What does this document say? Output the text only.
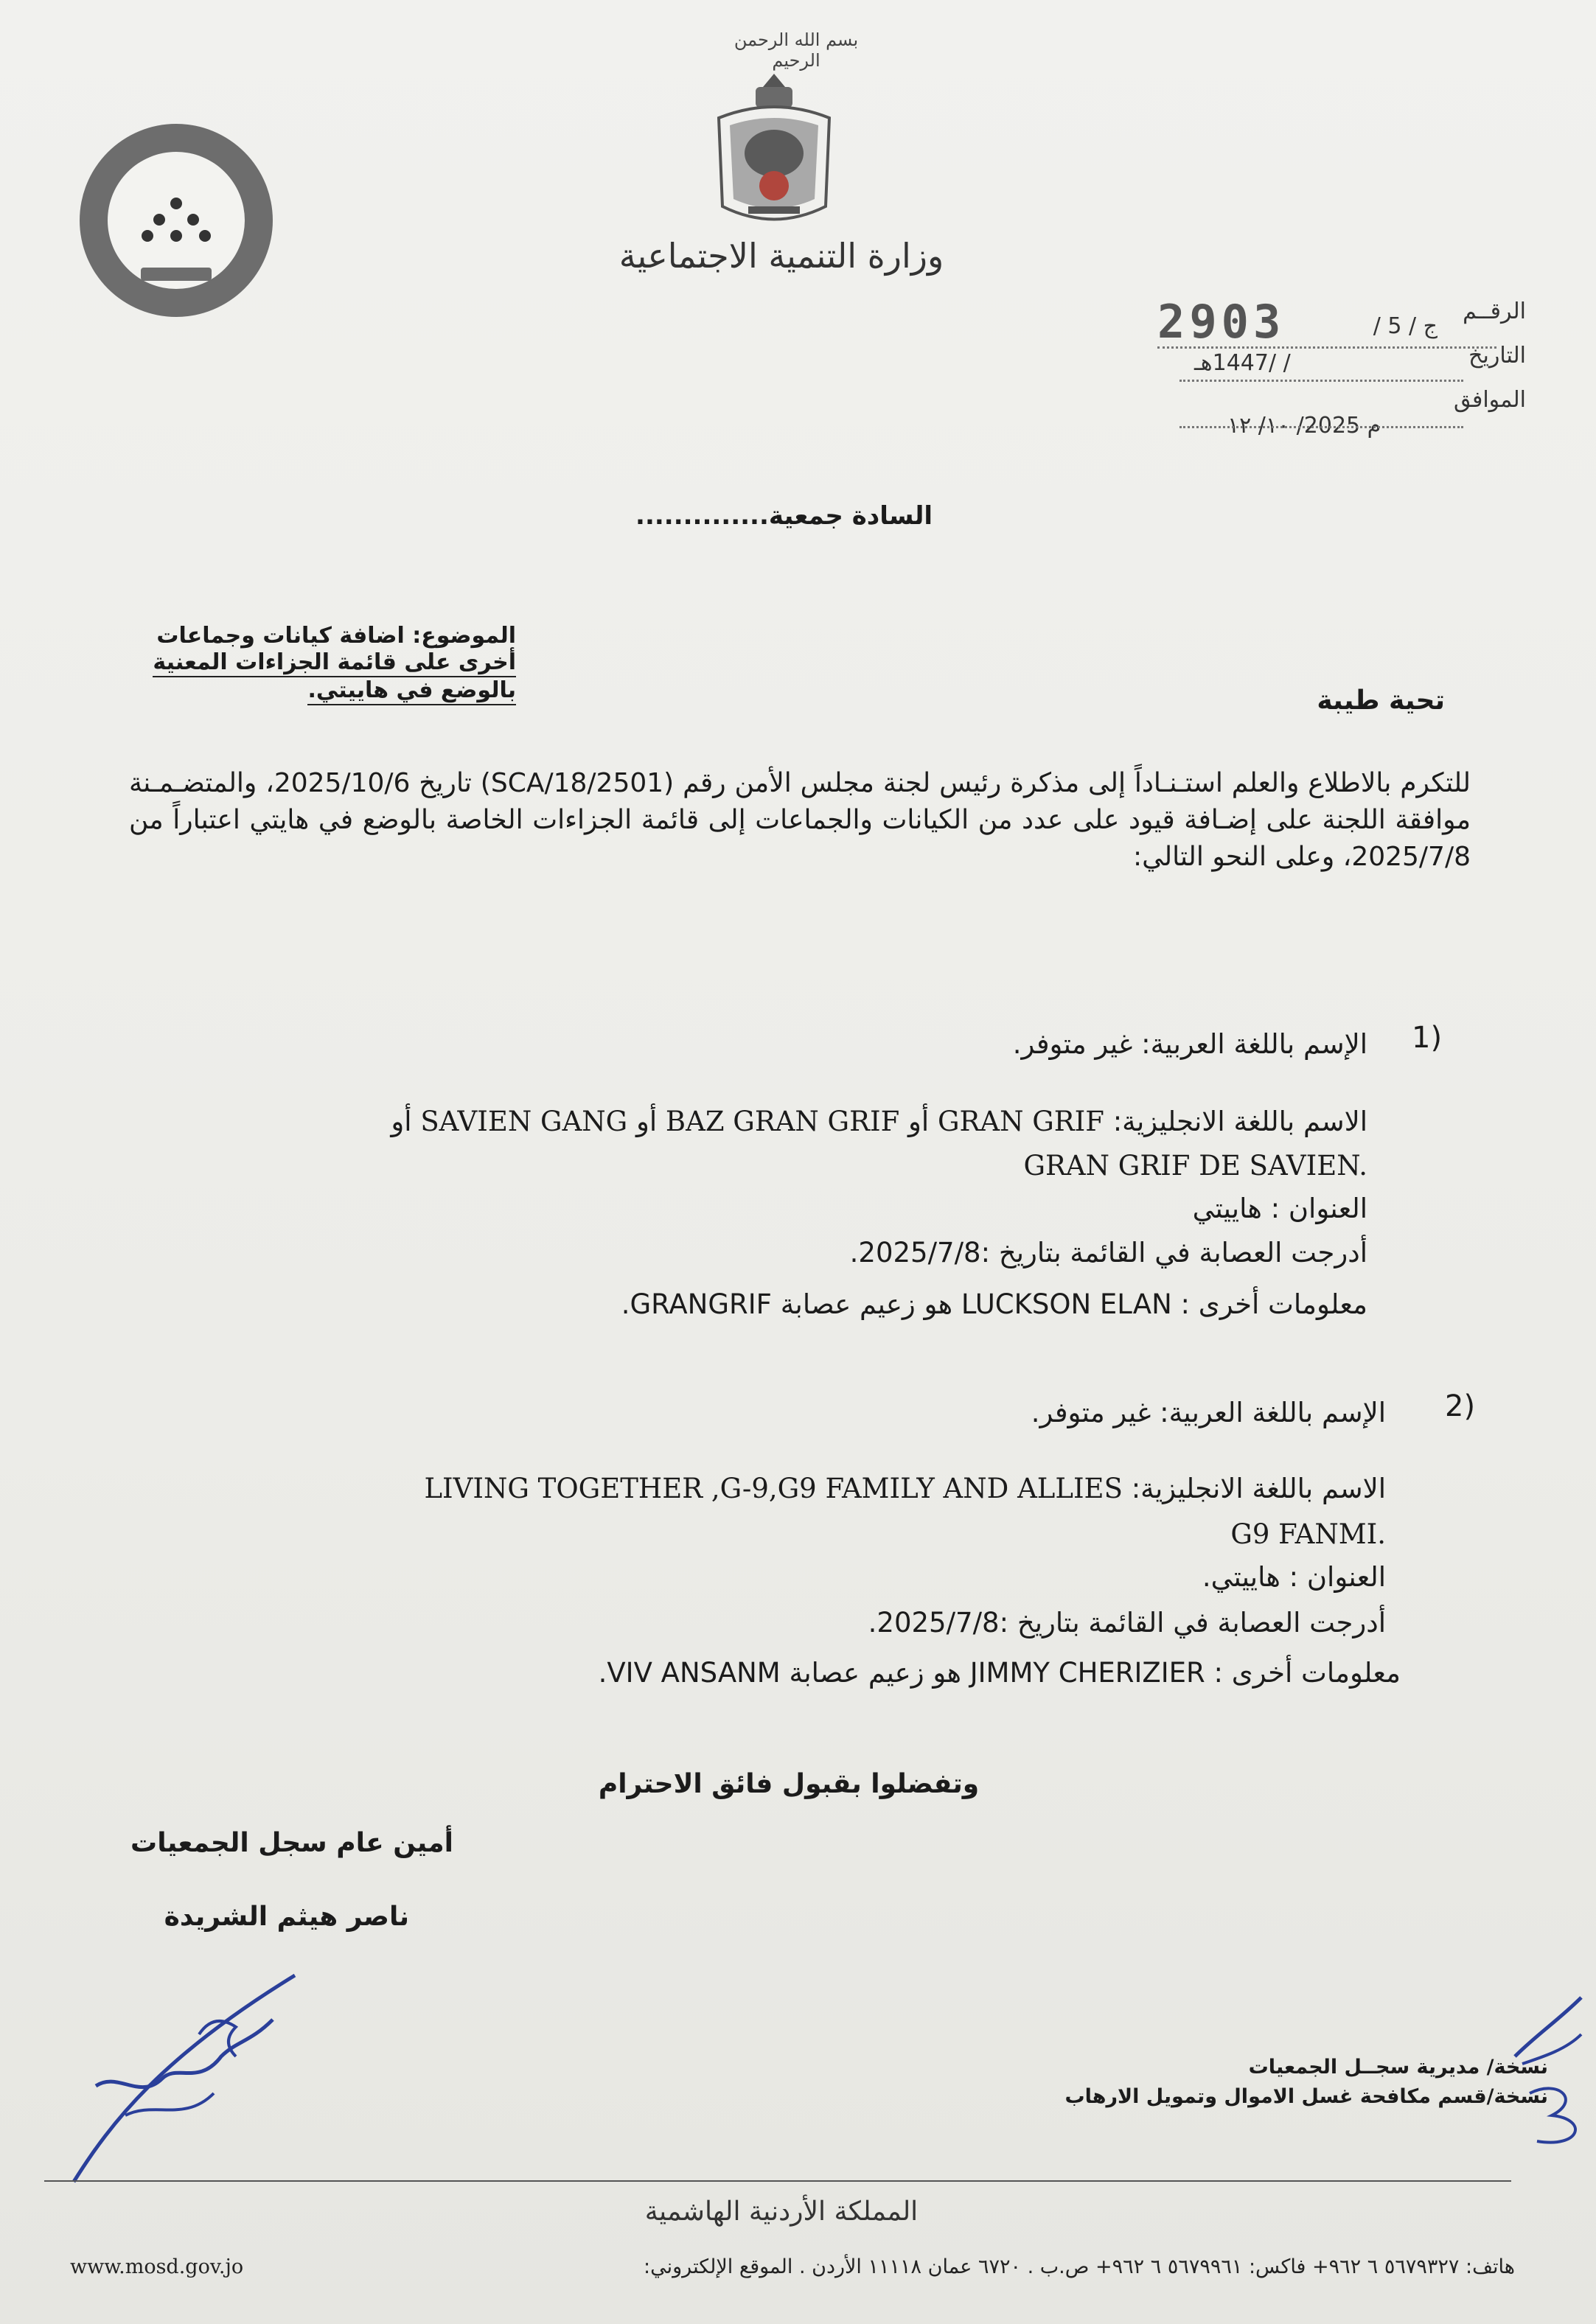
بسم الله الرحمن الرحيم
وزارة التنمية الاجتماعية
الرقــم
ج / 5 /
2903
التاريخ
/ /1447هـ
الموافق
م 2025/ ١٠/ ١٢
السادة جمعية..............
الموضوع: اضافة كيانات وجماعات
أخرى على قائمة الجزاءات المعنية
بالوضع في هاييتي.	تحية طيبة
للتكرم بالاطلاع والعلم استـنـاداً إلى مذكرة رئيس لجنة مجلس الأمن رقم (SCA/18/2501) تاريخ 2025/10/6، والمتضـمـنة موافقة اللجنة على إضـافة قيود على عدد من الكيانات والجماعات إلى قائمة الجزاءات الخاصة بالوضع في هايتي اعتباراً من 2025/7/8، وعلى النحو التالي:
1)
الإسم باللغة العربية: غير متوفر.
الاسم باللغة الانجليزية: GRAN GRIF أو BAZ GRAN GRIF أو SAVIEN GANG أو
GRAN GRIF DE SAVIEN.
العنوان : هاييتي
أدرجت العصابة في القائمة بتاريخ :2025/7/8.
معلومات أخرى : LUCKSON ELAN هو زعيم عصابة GRANGRIF.
2)
الإسم باللغة العربية: غير متوفر.
الاسم باللغة الانجليزية: LIVING TOGETHER ,G-9,G9 FAMILY AND ALLIES
G9 FANMI.
العنوان : هاييتي.
أدرجت العصابة في القائمة بتاريخ :2025/7/8.
معلومات أخرى : JIMMY CHERIZIER هو زعيم عصابة VIV ANSANM.
وتفضلوا بقبول فائق الاحترام
أمين عام سجل الجمعيات
ناصر هيثم الشريدة
نسخة/ مديرية سجــل الجمعيات
نسخة/قسم مكافحة غسل الاموال وتمويل الارهاب
المملكة الأردنية الهاشمية
www.mosd.gov.jo	هاتف: ٥٦٧٩٣٢٧ ٦ ٩٦٢+ فاكس: ٥٦٧٩٩٦١ ٦ ٩٦٢+ ص.ب . ٦٧٢٠ عمان ١١١١٨ الأردن . الموقع الإلكتروني:
